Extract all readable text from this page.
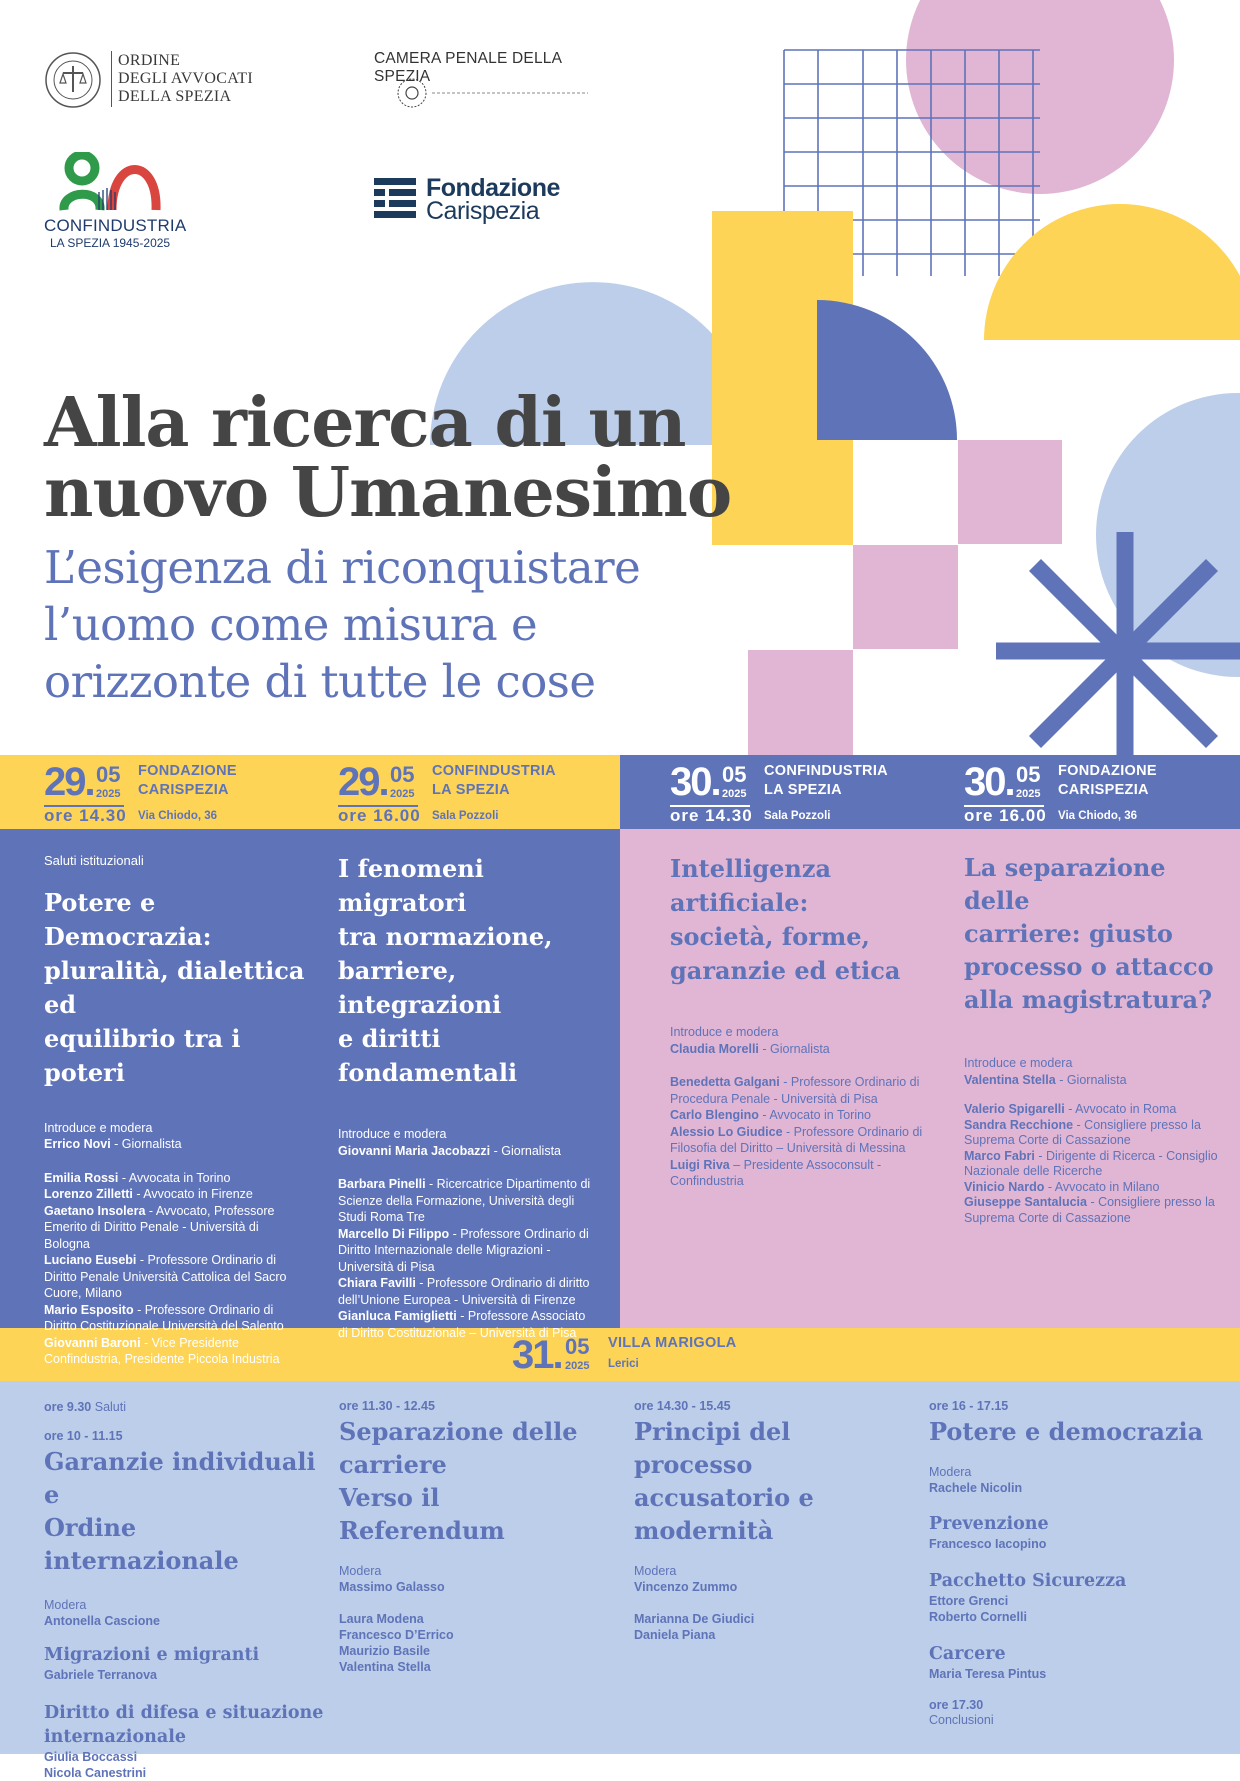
ORDINE
DEGLI AVVOCATI
DELLA SPEZIA
CAMERA PENALE DELLA SPEZIA
CONFINDUSTRIA
LA SPEZIA 1945-2025
Fondazione
Carispezia
Alla ricerca di un
nuovo Umanesimo
L’esigenza di riconquistare
l’uomo come misura e
orizzonte di tutte le cose
29. 05
2025
ore 14.30
FONDAZIONE
CARISPEZIA
Via Chiodo, 36
29. 05
2025
ore 16.00
CONFINDUSTRIA
LA SPEZIA
Sala Pozzoli
30. 05
2025
ore 14.30
CONFINDUSTRIA
LA SPEZIA
Sala Pozzoli
30. 05
2025
ore 16.00
FONDAZIONE
CARISPEZIA
Via Chiodo, 36
Saluti istituzionali
Potere e Democrazia:
pluralità, dialettica ed
equilibrio tra i poteri
Introduce e modera
Errico Novi - Giornalista
Emilia Rossi - Avvocata in Torino
Lorenzo Zilletti - Avvocato in Firenze
Gaetano Insolera - Avvocato, Professore Emerito di Diritto Penale - Università di Bologna
Luciano Eusebi - Professore Ordinario di Diritto Penale Università Cattolica del Sacro Cuore, Milano
Mario Esposito - Professore Ordinario di Diritto Costituzionale Università del Salento
Giovanni Baroni - Vice Presidente Confindustria, Presidente Piccola Industria
I fenomeni migratori
tra normazione,
barriere, integrazioni
e diritti fondamentali
Introduce e modera
Giovanni Maria Jacobazzi - Giornalista
Barbara Pinelli - Ricercatrice Dipartimento di Scienze della Formazione, Università degli Studi Roma Tre
Marcello Di Filippo - Professore Ordinario di Diritto Internazionale delle Migrazioni - Università di Pisa
Chiara Favilli - Professore Ordinario di diritto dell’Unione Europea - Università di Firenze
Gianluca Famiglietti - Professore Associato di Diritto Costituzionale – Università di Pisa
Intelligenza
artificiale:
società, forme,
garanzie ed etica
Introduce e modera
Claudia Morelli - Giornalista
Benedetta Galgani - Professore Ordinario di Procedura Penale - Università di Pisa
Carlo Blengino - Avvocato in Torino
Alessio Lo Giudice - Professore Ordinario di Filosofia del Diritto – Università di Messina
Luigi Riva – Presidente Assoconsult - Confindustria
La separazione delle
carriere: giusto
processo o attacco
alla magistratura?
Introduce e modera
Valentina Stella - Giornalista
Valerio Spigarelli - Avvocato in Roma
Sandra Recchione - Consigliere presso la Suprema Corte di Cassazione
Marco Fabri - Dirigente di Ricerca - Consiglio Nazionale delle Ricerche
Vinicio Nardo - Avvocato in Milano
Giuseppe Santalucia - Consigliere presso la Suprema Corte di Cassazione
31. 05
2025
VILLA MARIGOLA
Lerici
ore 9.30 Saluti
ore 10 - 11.15
Garanzie individuali e
Ordine internazionale
Modera
Antonella Cascione
Migrazioni e migranti
Gabriele Terranova
Diritto di difesa e situazione
internazionale
Giulia Boccassi
Nicola Canestrini
ore 11.30 - 12.45
Separazione delle
carriere
Verso il Referendum
Modera
Massimo Galasso
Laura Modena
Francesco D’Errico
Maurizio Basile
Valentina Stella
ore 14.30 - 15.45
Principi del processo
accusatorio e
modernità
Modera
Vincenzo Zummo
Marianna De Giudici
Daniela Piana
ore 16 - 17.15
Potere e democrazia
Modera
Rachele Nicolin
Prevenzione
Francesco Iacopino
Pacchetto Sicurezza
Ettore Grenci
Roberto Cornelli
Carcere
Maria Teresa Pintus
ore 17.30
Conclusioni
